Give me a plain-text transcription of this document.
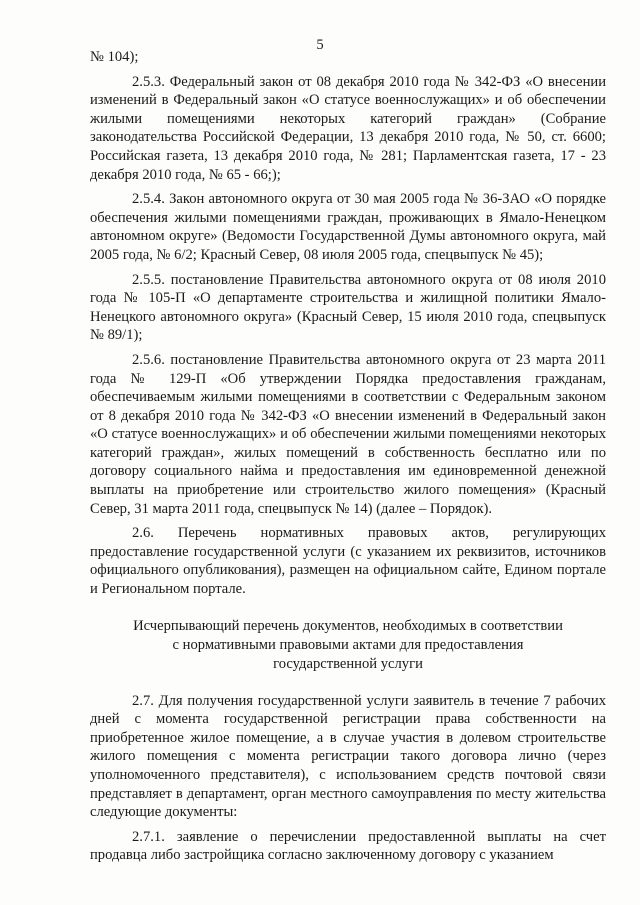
5

№ 104);

2.5.3. Федеральный закон от 08 декабря 2010 года № 342-ФЗ «О внесении изменений в Федеральный закон «О статусе военнослужащих» и об обеспечении жилыми помещениями некоторых категорий граждан» (Собрание законодательства Российской Федерации, 13 декабря 2010 года, № 50, ст. 6600; Российская газета, 13 декабря 2010 года, № 281; Парламентская газета, 17 - 23 декабря 2010 года, № 65 - 66;);

2.5.4. Закон автономного округа от 30 мая 2005 года № 36-ЗАО «О порядке обеспечения жилыми помещениями граждан, проживающих в Ямало-Ненецком автономном округе» (Ведомости Государственной Думы автономного округа, май 2005 года, № 6/2; Красный Север, 08 июля 2005 года, спецвыпуск № 45);

2.5.5. постановление Правительства автономного округа от 08 июля 2010 года № 105-П «О департаменте строительства и жилищной политики Ямало-Ненецкого автономного округа» (Красный Север, 15 июля 2010 года, спецвыпуск № 89/1);

2.5.6. постановление Правительства автономного округа от 23 марта 2011 года № 129-П «Об утверждении Порядка предоставления гражданам, обеспечиваемым жилыми помещениями в соответствии с Федеральным законом от 8 декабря 2010 года № 342-ФЗ «О внесении изменений в Федеральный закон «О статусе военнослужащих» и об обеспечении жилыми помещениями некоторых категорий граждан», жилых помещений в собственность бесплатно или по договору социального найма и предоставления им единовременной денежной выплаты на приобретение или строительство жилого помещения» (Красный Север, 31 марта 2011 года, спецвыпуск № 14) (далее – Порядок).

2.6. Перечень нормативных правовых актов, регулирующих предоставление государственной услуги (с указанием их реквизитов, источников официального опубликования), размещен на официальном сайте, Едином портале и Региональном портале.

Исчерпывающий перечень документов, необходимых в соответствии
с нормативными правовыми актами для предоставления
государственной услуги

2.7. Для получения государственной услуги заявитель в течение 7 рабочих дней с момента государственной регистрации права собственности на приобретенное жилое помещение, а в случае участия в долевом строительстве жилого помещения с момента регистрации такого договора лично (через уполномоченного представителя), с использованием средств почтовой связи представляет в департамент, орган местного самоуправления по месту жительства следующие документы:

2.7.1. заявление о перечислении предоставленной выплаты на счет продавца либо застройщика согласно заключенному договору с указанием
